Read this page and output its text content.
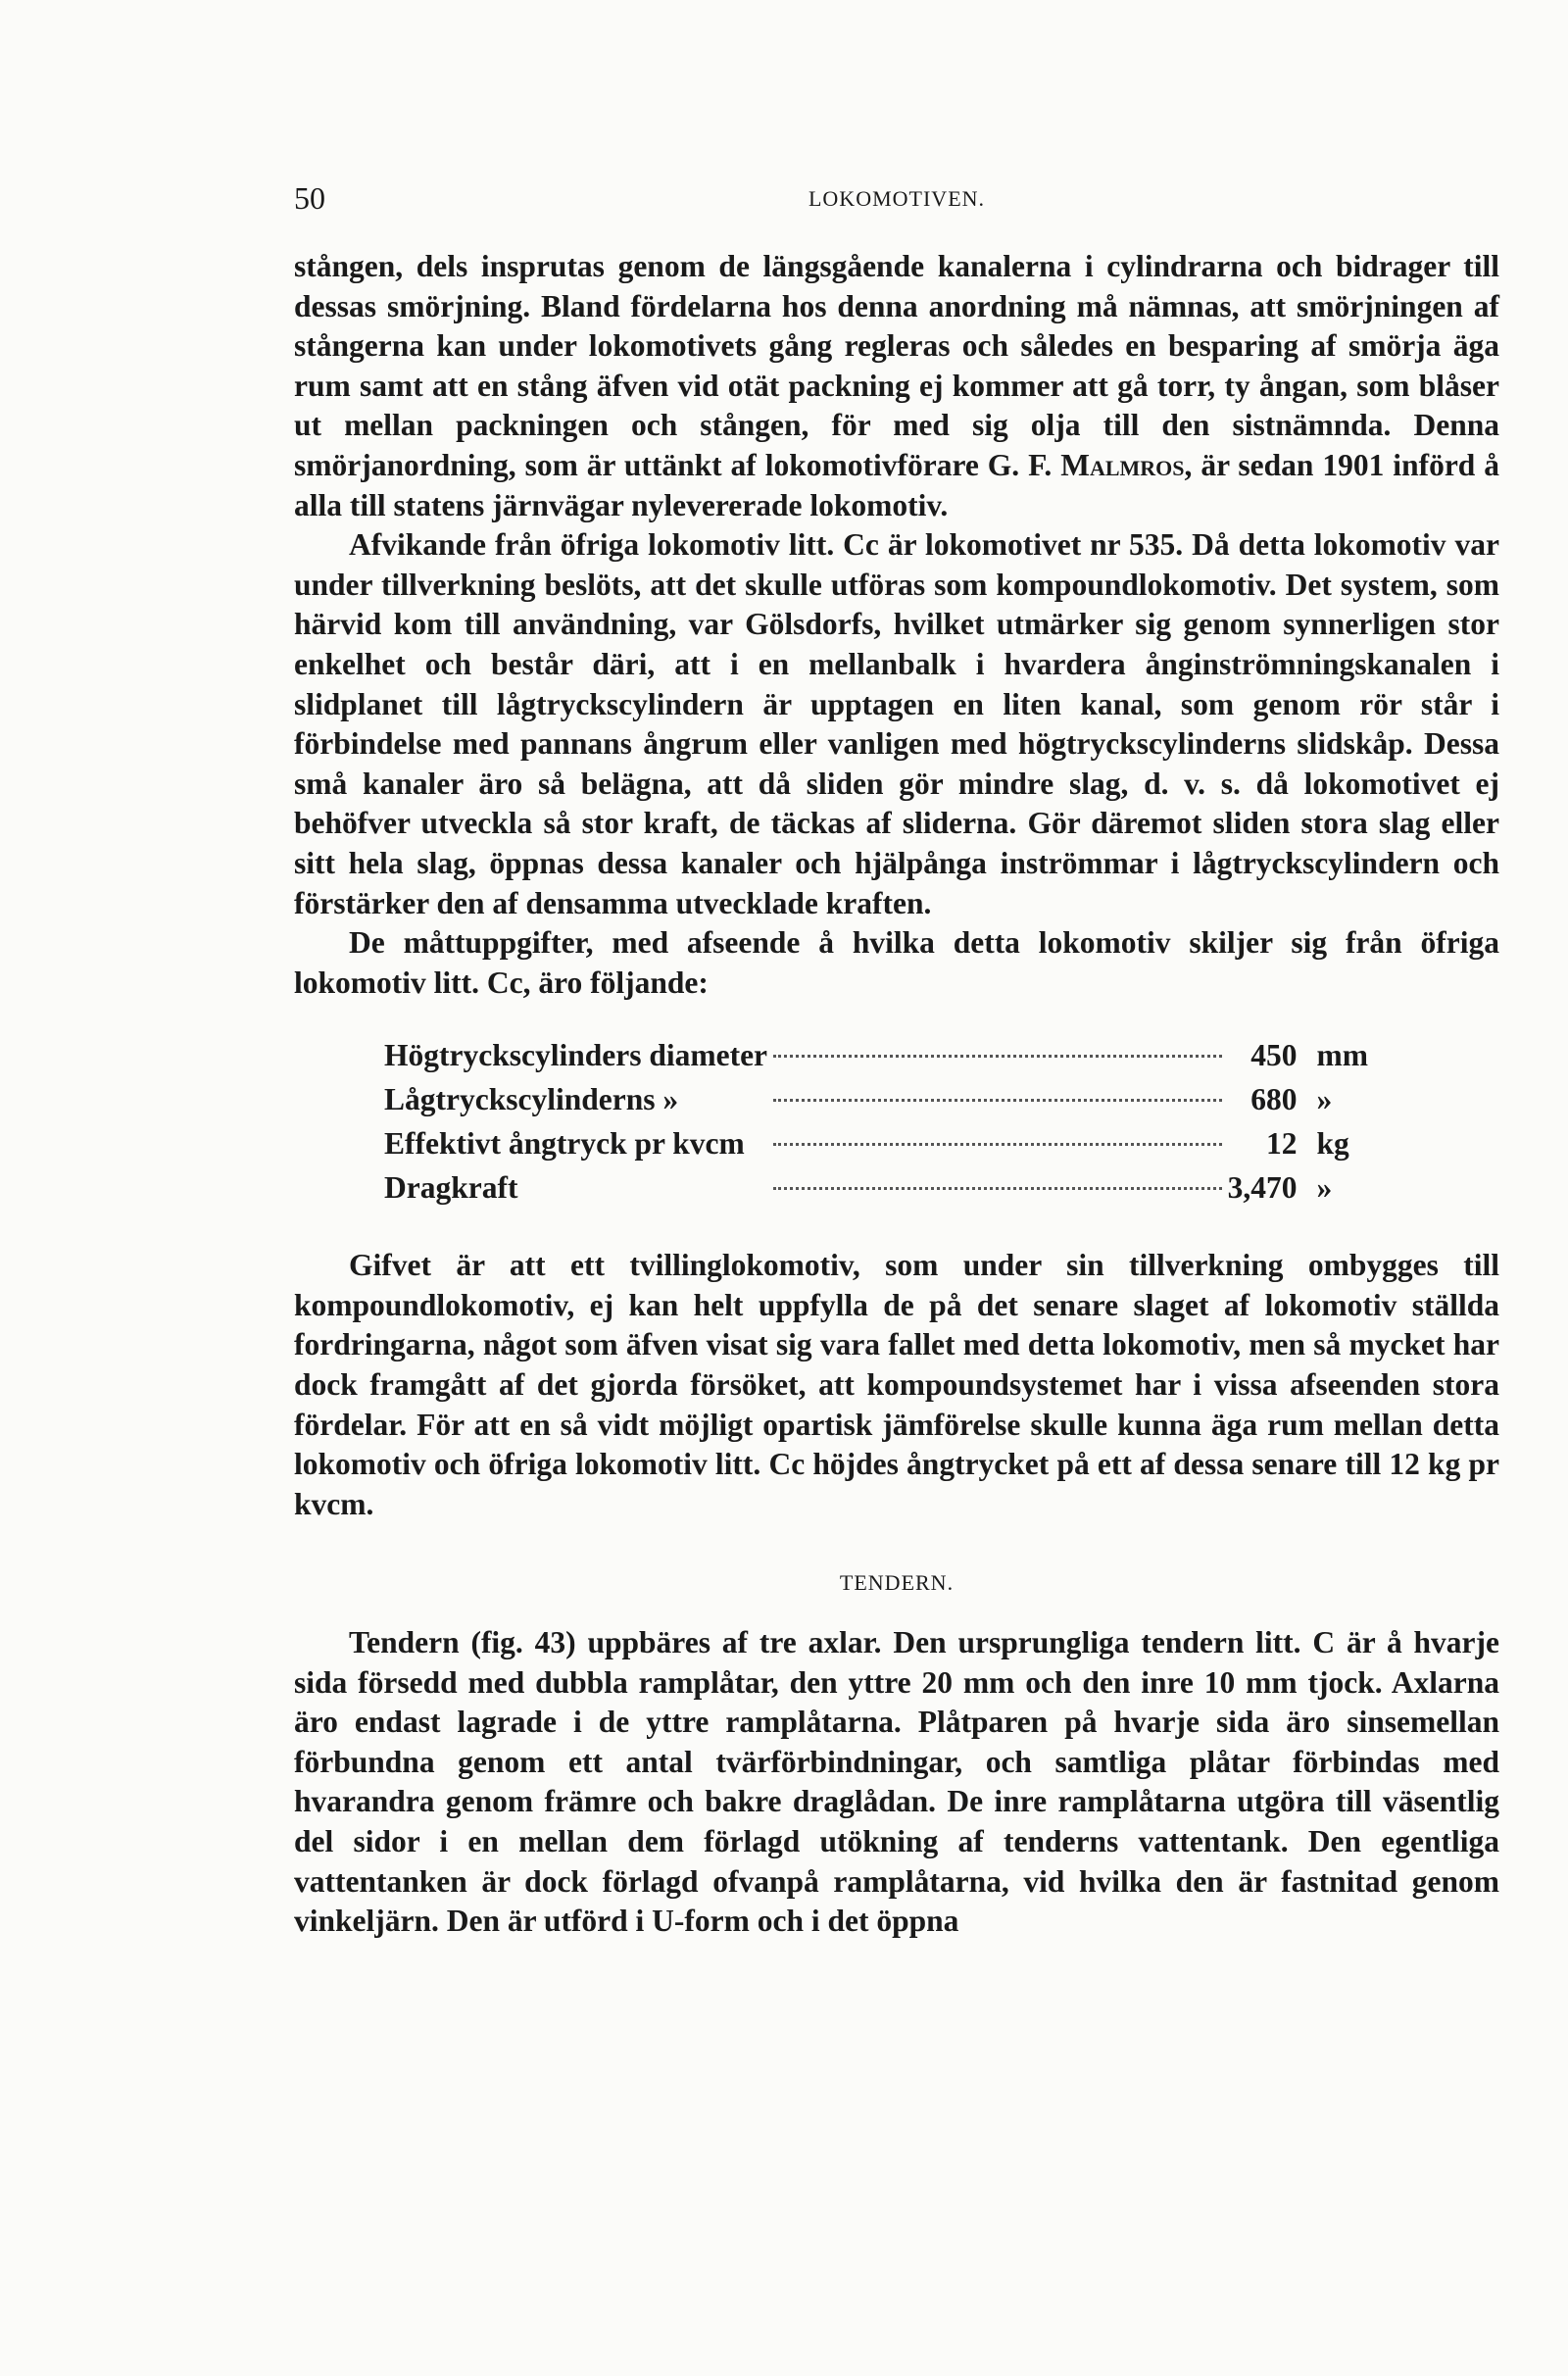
50	LOKOMOTIVEN.

stången, dels insprutas genom de längsgående kanalerna i cylindrarna och bidrager till dessas smörjning. Bland fördelarna hos denna anordning må nämnas, att smörjningen af stångerna kan under lokomotivets gång regleras och således en besparing af smörja äga rum samt att en stång äfven vid otät packning ej kommer att gå torr, ty ångan, som blåser ut mellan packningen och stången, för med sig olja till den sistnämnda. Denna smörjanordning, som är uttänkt af lokomotivförare G. F. Malmros, är sedan 1901 införd å alla till statens järnvägar nylevererade lokomotiv.

Afvikande från öfriga lokomotiv litt. Cc är lokomotivet nr 535. Då detta lokomotiv var under tillverkning beslöts, att det skulle utföras som kompoundlokomotiv. Det system, som härvid kom till användning, var Gölsdorfs, hvilket utmärker sig genom synnerligen stor enkelhet och består däri, att i en mellanbalk i hvardera ånginströmningskanalen i slidplanet till lågtryckscylindern är upptagen en liten kanal, som genom rör står i förbindelse med pannans ångrum eller vanligen med högtryckscylinderns slidskåp. Dessa små kanaler äro så belägna, att då sliden gör mindre slag, d. v. s. då lokomotivet ej behöfver utveckla så stor kraft, de täckas af sliderna. Gör däremot sliden stora slag eller sitt hela slag, öppnas dessa kanaler och hjälpånga inströmmar i lågtryckscylindern och förstärker den af densamma utvecklade kraften.

De måttuppgifter, med afseende å hvilka detta lokomotiv skiljer sig från öfriga lokomotiv litt. Cc, äro följande:

Högtryckscylinders diameter		450	mm
Lågtryckscylinderns »		680	»
Effektivt ångtryck pr kvcm		12	kg
Dragkraft		3,470	»

Gifvet är att ett tvillinglokomotiv, som under sin tillverkning ombygges till kompoundlokomotiv, ej kan helt uppfylla de på det senare slaget af lokomotiv ställda fordringarna, något som äfven visat sig vara fallet med detta lokomotiv, men så mycket har dock framgått af det gjorda försöket, att kompoundsystemet har i vissa afseenden stora fördelar. För att en så vidt möjligt opartisk jämförelse skulle kunna äga rum mellan detta lokomotiv och öfriga lokomotiv litt. Cc höjdes ångtrycket på ett af dessa senare till 12 kg pr kvcm.

TENDERN.

Tendern (fig. 43) uppbäres af tre axlar. Den ursprungliga tendern litt. C är å hvarje sida försedd med dubbla ramplåtar, den yttre 20 mm och den inre 10 mm tjock. Axlarna äro endast lagrade i de yttre ramplåtarna. Plåtparen på hvarje sida äro sinsemellan förbundna genom ett antal tvärförbindningar, och samtliga plåtar förbindas med hvarandra genom främre och bakre draglådan. De inre ramplåtarna utgöra till väsentlig del sidor i en mellan dem förlagd utökning af tenderns vattentank. Den egentliga vattentanken är dock förlagd ofvanpå ramplåtarna, vid hvilka den är fastnitad genom vinkeljärn. Den är utförd i U-form och i det öppna
